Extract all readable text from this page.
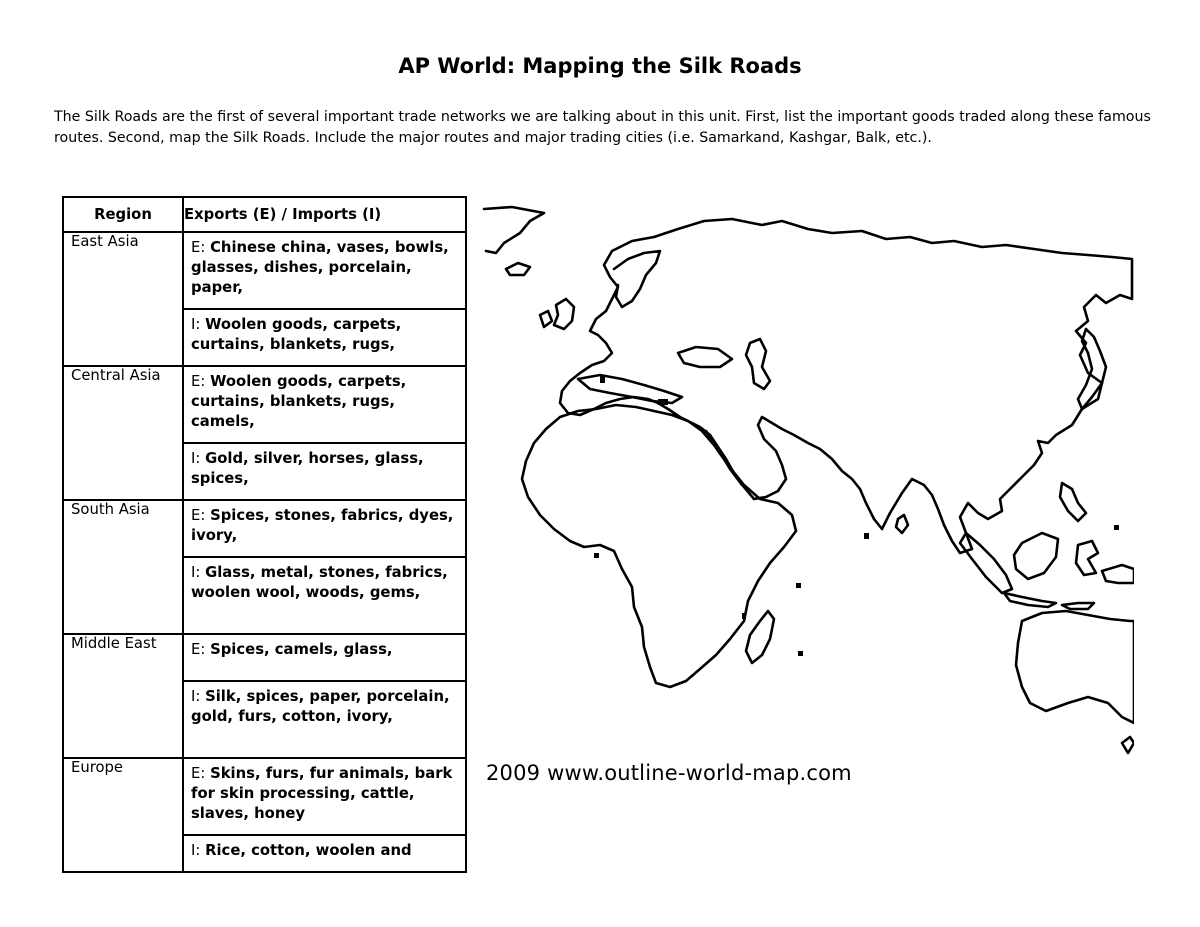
AP World: Mapping the Silk Roads
The Silk Roads are the first of several important trade networks we are talking about in this unit. First, list the important goods traded along these famous routes. Second, map the Silk Roads. Include the major routes and major trading cities (i.e. Samarkand, Kashgar, Balk, etc.).
Region	Exports (E) / Imports (I)
East Asia	E: Chinese china, vases, bowls, glasses, dishes, porcelain, paper,
	I: Woolen goods, carpets, curtains, blankets, rugs,
Central Asia	E: Woolen goods, carpets, curtains, blankets, rugs, camels,
	I: Gold, silver, horses, glass, spices,
South Asia	E: Spices, stones, fabrics, dyes, ivory,
	I: Glass, metal, stones, fabrics, woolen wool, woods, gems,
Middle East	E: Spices, camels, glass,
	I: Silk, spices, paper, porcelain, gold, furs, cotton, ivory,
Europe	E: Skins, furs, fur animals, bark for skin processing, cattle, slaves, honey
	I: Rice, cotton, woolen and
2009 www.outline-world-map.com
